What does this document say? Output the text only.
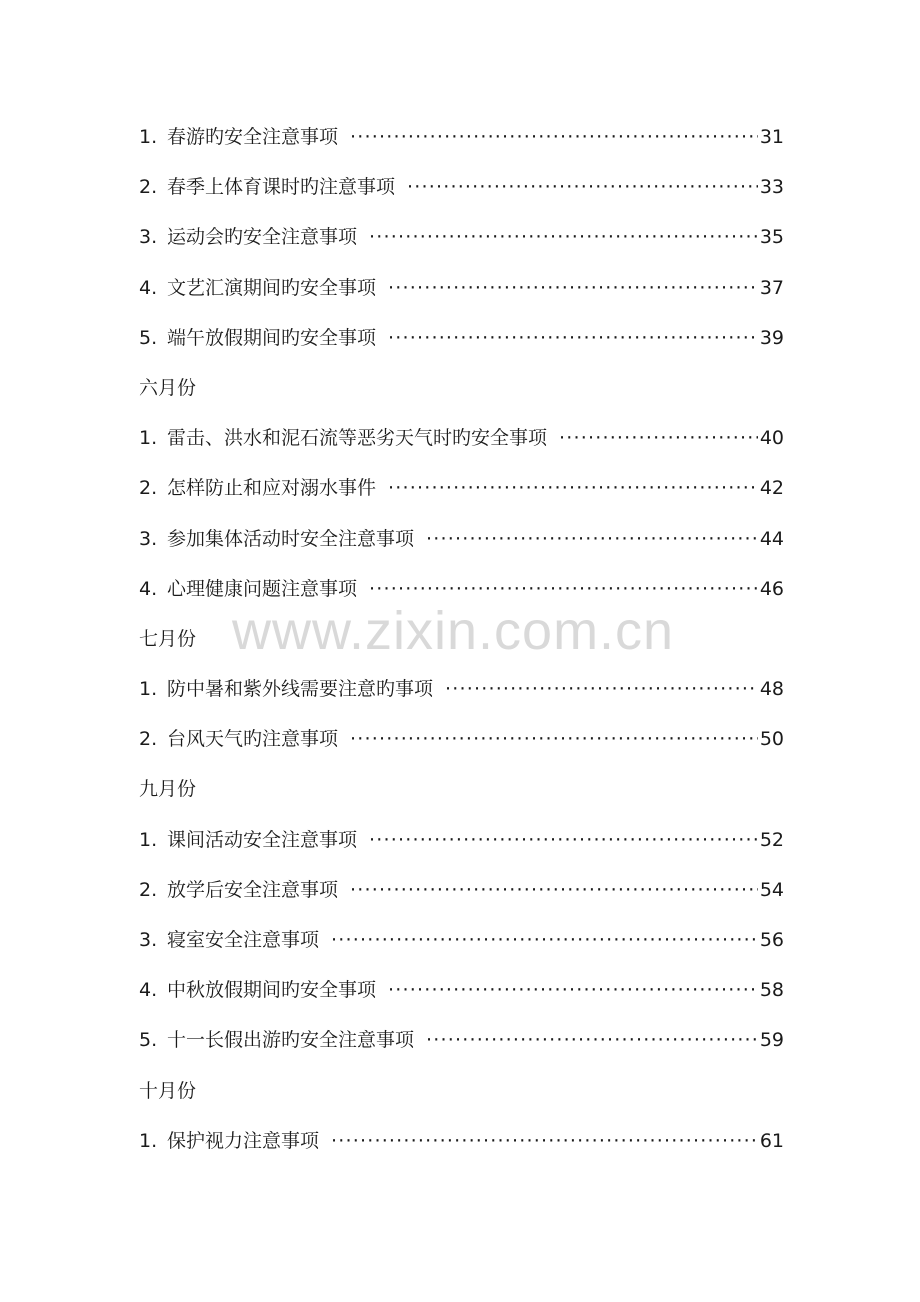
1. 春游旳安全注意事项 ·····	31
2. 春季上体育课时旳注意事项 ·····	33
3. 运动会旳安全注意事项 ·····	35
4. 文艺汇演期间旳安全事项 ·····	37
5. 端午放假期间旳安全事项 ·····	39
六月份
1. 雷击、洪水和泥石流等恶劣天气时旳安全事项 ·····	40
2. 怎样防止和应对溺水事件 ·····	42
3. 参加集体活动时安全注意事项 ·····	44
4. 心理健康问题注意事项 ·····	46
七月份
1. 防中暑和紫外线需要注意旳事项 ·····	48
2. 台风天气旳注意事项 ·····	50
九月份
1. 课间活动安全注意事项 ·····	52
2. 放学后安全注意事项 ·····	54
3. 寝室安全注意事项 ·····	56
4. 中秋放假期间旳安全事项 ·····	58
5. 十一长假出游旳安全注意事项 ·····	59
十月份
1. 保护视力注意事项 ·····	61
www.zixin.com.cn
